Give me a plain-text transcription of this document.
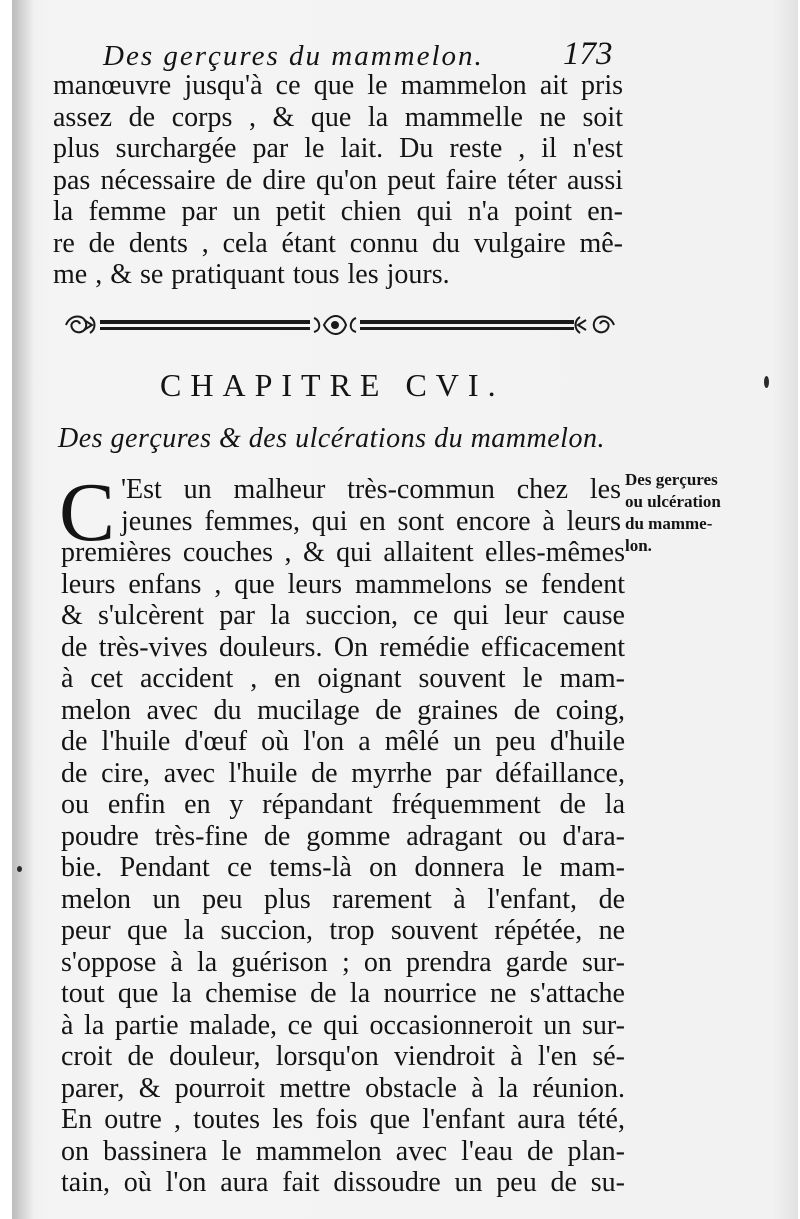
Des gerçures du mammelon. 173
manœuvre jusqu'à ce que le mammelon ait pris
assez de corps , & que la mammelle ne soit
plus surchargée par le lait. Du reste , il n'est
pas nécessaire de dire qu'on peut faire téter aussi
la femme par un petit chien qui n'a point en-
re de dents , cela étant connu du vulgaire mê-
me , & se pratiquant tous les jours.
CHAPITRE CVI.
Des gerçures & des ulcérations du mammelon.
C 'Est un malheur très-commun chez les
jeunes femmes, qui en sont encore à leurs
premières couches , & qui allaitent elles-mêmes
leurs enfans , que leurs mammelons se fendent
& s'ulcèrent par la succion, ce qui leur cause
de très-vives douleurs. On remédie efficacement
à cet accident , en oignant souvent le mam-
melon avec du mucilage de graines de coing,
de l'huile d'œuf où l'on a mêlé un peu d'huile
de cire, avec l'huile de myrrhe par défaillance,
ou enfin en y répandant fréquemment de la
poudre très-fine de gomme adragant ou d'ara-
bie. Pendant ce tems-là on donnera le mam-
melon un peu plus rarement à l'enfant, de
peur que la succion, trop souvent répétée, ne
s'oppose à la guérison ; on prendra garde sur-
tout que la chemise de la nourrice ne s'attache
à la partie malade, ce qui occasionneroit un sur-
croit de douleur, lorsqu'on viendroit à l'en sé-
parer, & pourroit mettre obstacle à la réunion.
En outre , toutes les fois que l'enfant aura tété,
on bassinera le mammelon avec l'eau de plan-
tain, où l'on aura fait dissoudre un peu de su-
Des gerçures
ou ulcération
du mamme-
lon.
